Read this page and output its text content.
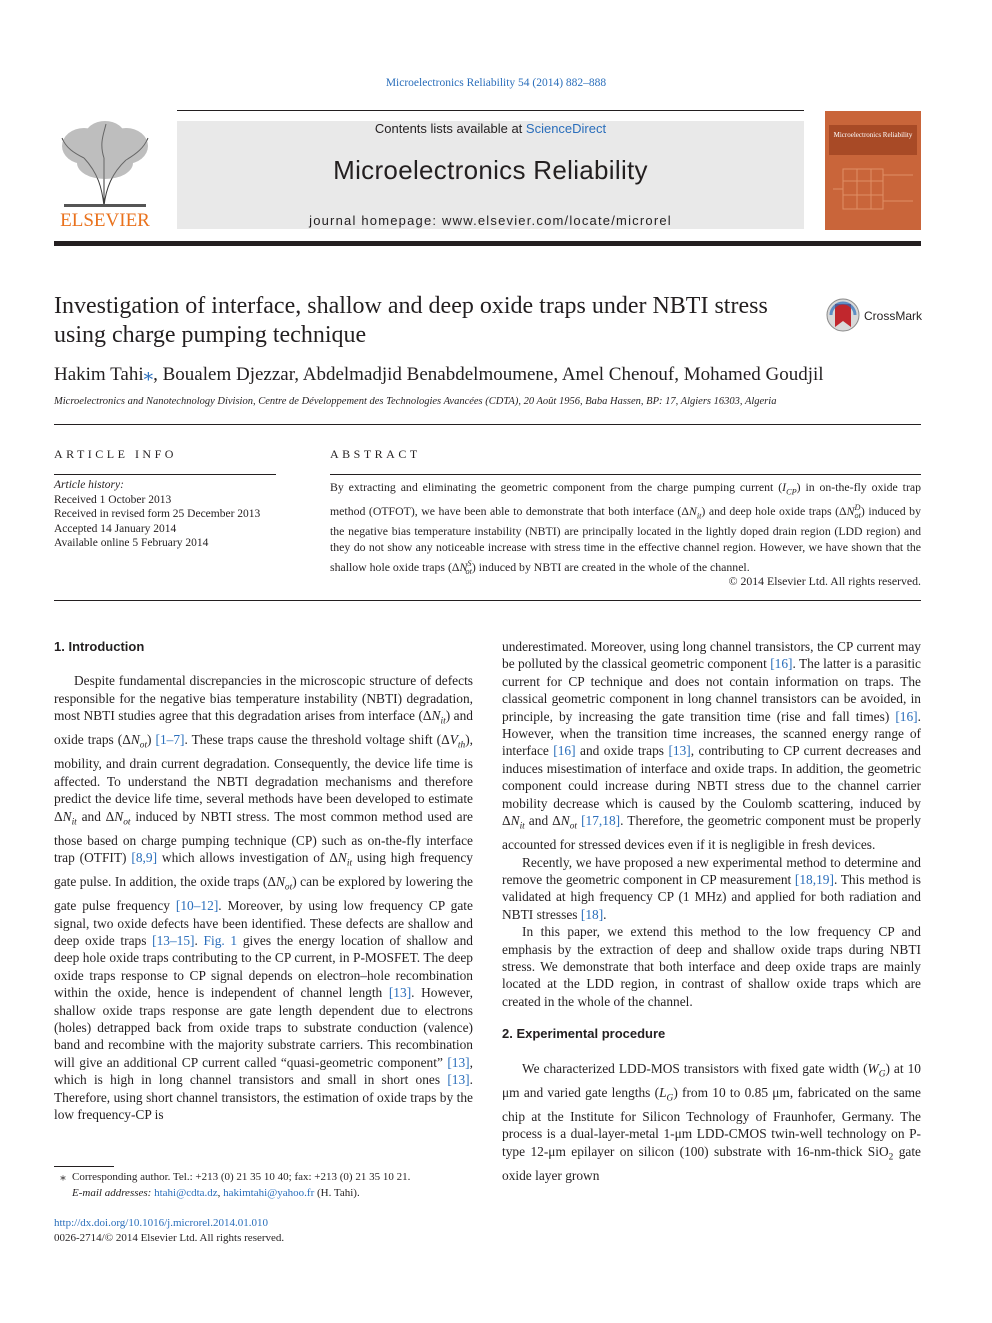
Microelectronics Reliability 54 (2014) 882–888
Contents lists available at ScienceDirect
Microelectronics Reliability
journal homepage: www.elsevier.com/locate/microrel
ELSEVIER
Microelectronics Reliability
Investigation of interface, shallow and deep oxide traps under NBTI stress using charge pumping technique
CrossMark
Hakim Tahi⁎, Boualem Djezzar, Abdelmadjid Benabdelmoumene, Amel Chenouf, Mohamed Goudjil
Microelectronics and Nanotechnology Division, Centre de Développement des Technologies Avancées (CDTA), 20 Août 1956, Baba Hassen, BP: 17, Algiers 16303, Algeria
ARTICLE INFO	ABSTRACT
Article history:
Received 1 October 2013
Received in revised form 25 December 2013
Accepted 14 January 2014
Available online 5 February 2014
By extracting and eliminating the geometric component from the charge pumping current $(I_{CP})$ in on-the-fly oxide trap method (OTFOT), we have been able to demonstrate that both interface $(\Delta N_{it})$ and deep hole oxide traps $(\Delta N^D_{ot})$ induced by the negative bias temperature instability (NBTI) are principally located in the lightly doped drain region (LDD region) and they do not show any noticeable increase with stress time in the effective channel region. However, we have shown that the shallow hole oxide traps $(\Delta N^S_{ot})$ induced by NBTI are created in the whole of the channel.
© 2014 Elsevier Ltd. All rights reserved.
1. Introduction

Despite fundamental discrepancies in the microscopic structure of defects responsible for the negative bias temperature instability (NBTI) degradation, most NBTI studies agree that this degradation arises from interface $(\Delta N_{it})$ and oxide traps $(\Delta N_{ot})$ [1–7]. These traps cause the threshold voltage shift $(\Delta V_{th})$, mobility, and drain current degradation. Consequently, the device life time is affected. To understand the NBTI degradation mechanisms and therefore predict the device life time, several methods have been developed to estimate $\Delta N_{it}$ and $\Delta N_{ot}$ induced by NBTI stress. The most common method used are those based on charge pumping technique (CP) such as on-the-fly interface trap (OTFIT) [8,9] which allows investigation of $\Delta N_{it}$ using high frequency gate pulse. In addition, the oxide traps $(\Delta N_{ot})$ can be explored by lowering the gate pulse frequency [10–12]. Moreover, by using low frequency CP gate signal, two oxide defects have been identified. These defects are shallow and deep oxide traps [13–15]. Fig. 1 gives the energy location of shallow and deep hole oxide traps contributing to the CP current, in P-MOSFET. The deep oxide traps response to CP signal depends on electron–hole recombination within the oxide, hence is independent of channel length [13]. However, shallow oxide traps response are gate length dependent due to electrons (holes) detrapped back from oxide traps to substrate conduction (valence) band and recombine with the majority substrate carriers. This recombination will give an additional CP current called “quasi-geometric component” [13], which is high in long channel transistors and small in short ones [13]. Therefore, using short channel transistors, the estimation of oxide traps by the low frequency-CP is

⁎ Corresponding author. Tel.: +213 (0) 21 35 10 40; fax: +213 (0) 21 35 10 21.
E-mail addresses: htahi@cdta.dz, hakimtahi@yahoo.fr (H. Tahi).
http://dx.doi.org/10.1016/j.microrel.2014.01.010
0026-2714/© 2014 Elsevier Ltd. All rights reserved.

underestimated. Moreover, using long channel transistors, the CP current may be polluted by the classical geometric component [16]. The latter is a parasitic current for CP technique and does not contain information on traps. The classical geometric component in long channel transistors can be avoided, in principle, by increasing the gate transition time (rise and fall times) [16]. However, when the transition time increases, the scanned energy range of interface [16] and oxide traps [13], contributing to CP current decreases and induces misestimation of interface and oxide traps. In addition, the geometric component could increase during NBTI stress due to the channel carrier mobility decrease which is caused by the Coulomb scattering, induced by $\Delta N_{it}$ and $\Delta N_{ot}$ [17,18]. Therefore, the geometric component must be properly accounted for stressed devices even if it is negligible in fresh devices.

Recently, we have proposed a new experimental method to determine and remove the geometric component in CP measurement [18,19]. This method is validated at high frequency CP (1 MHz) and applied for both radiation and NBTI stresses [18].

In this paper, we extend this method to the low frequency CP and emphasis by the extraction of deep and shallow oxide traps during NBTI stress. We demonstrate that both interface and deep oxide traps are mainly located at the LDD region, in contrast of shallow oxide traps which are created in the whole of the channel.

2. Experimental procedure

We characterized LDD-MOS transistors with fixed gate width $(W_G)$ at 10 μm and varied gate lengths $(L_G)$ from 10 to 0.85 μm, fabricated on the same chip at the Institute for Silicon Technology of Fraunhofer, Germany. The process is a dual-layer-metal 1-μm LDD-CMOS twin-well technology on P-type 12-μm epilayer on silicon (100) substrate with 16-nm-thick SiO$_2$ gate oxide layer grown
